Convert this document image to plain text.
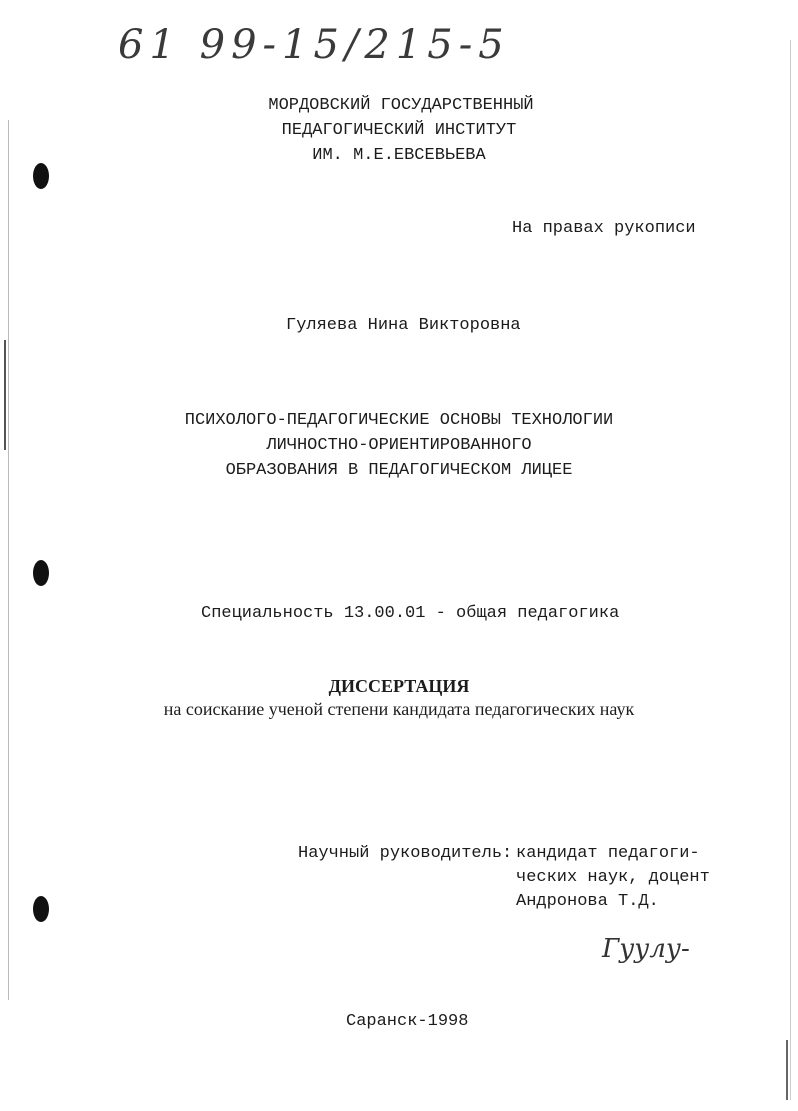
61 99-15/215-5
МОРДОВСКИЙ ГОСУДАРСТВЕННЫЙ
ПЕДАГОГИЧЕСКИЙ ИНСТИТУТ
ИМ. М.Е.ЕВСЕВЬЕВА
На правах рукописи
Гуляева Нина Викторовна
ПСИХОЛОГО-ПЕДАГОГИЧЕСКИЕ ОСНОВЫ ТЕХНОЛОГИИ
ЛИЧНОСТНО-ОРИЕНТИРОВАННОГО
ОБРАЗОВАНИЯ В ПЕДАГОГИЧЕСКОМ ЛИЦЕЕ
Специальность 13.00.01 - общая педагогика
ДИССЕРТАЦИЯ
на соискание ученой степени кандидата педагогических наук
Научный руководитель: кандидат педагоги-
ческих наук, доцент
Андронова Т.Д.
Гуулу-
Саранск-1998
